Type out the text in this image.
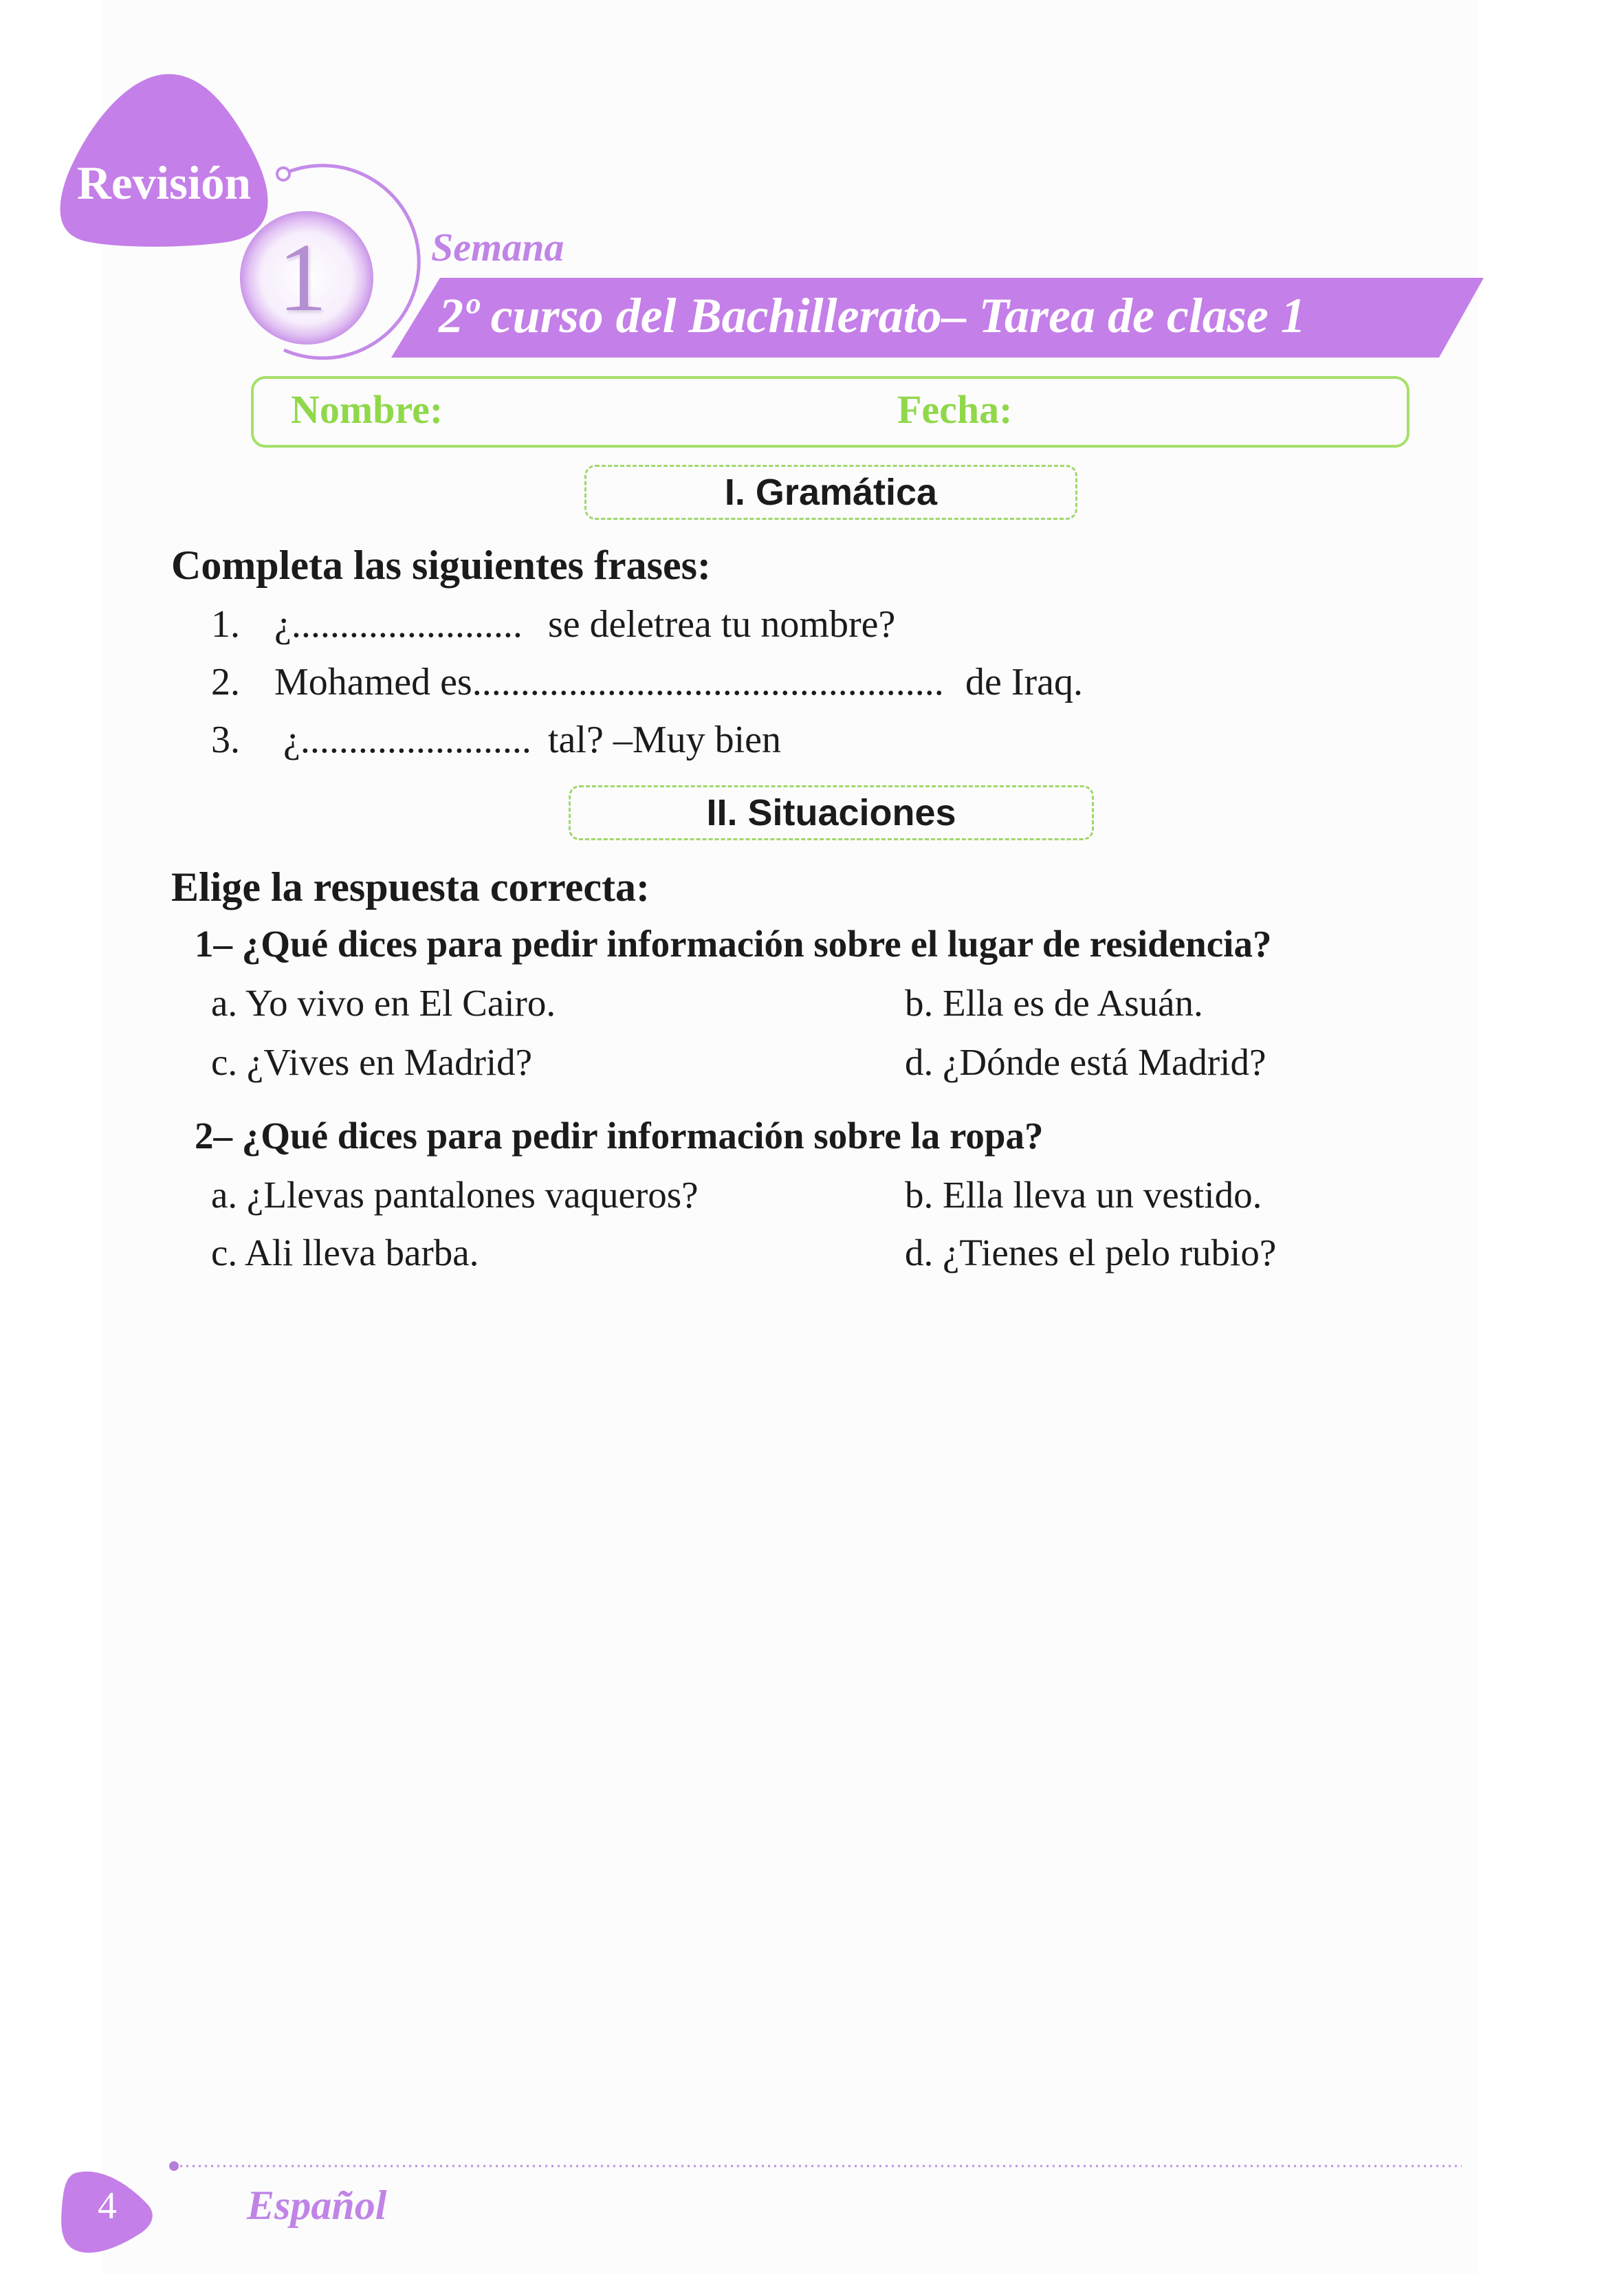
Revisión
1	Semana
2º curso del Bachillerato– Tarea de clase 1
Nombre:	Fecha:
I. Gramática
Completa las siguientes frases:
1. ¿........................ se deletrea tu nombre?
2. Mohamed es................................................. de Iraq.
3. ¿........................ tal? –Muy bien
II. Situaciones
Elige la respuesta correcta:
1– ¿Qué dices para pedir información sobre el lugar de residencia?
a. Yo vivo en El Cairo.	b. Ella es de Asuán.
c. ¿Vives en Madrid?	d. ¿Dónde está Madrid?
2– ¿Qué dices para pedir información sobre la ropa?
a. ¿Llevas pantalones vaqueros?	b. Ella lleva un vestido.
c. Ali lleva barba.	d. ¿Tienes el pelo rubio?
4	Español
